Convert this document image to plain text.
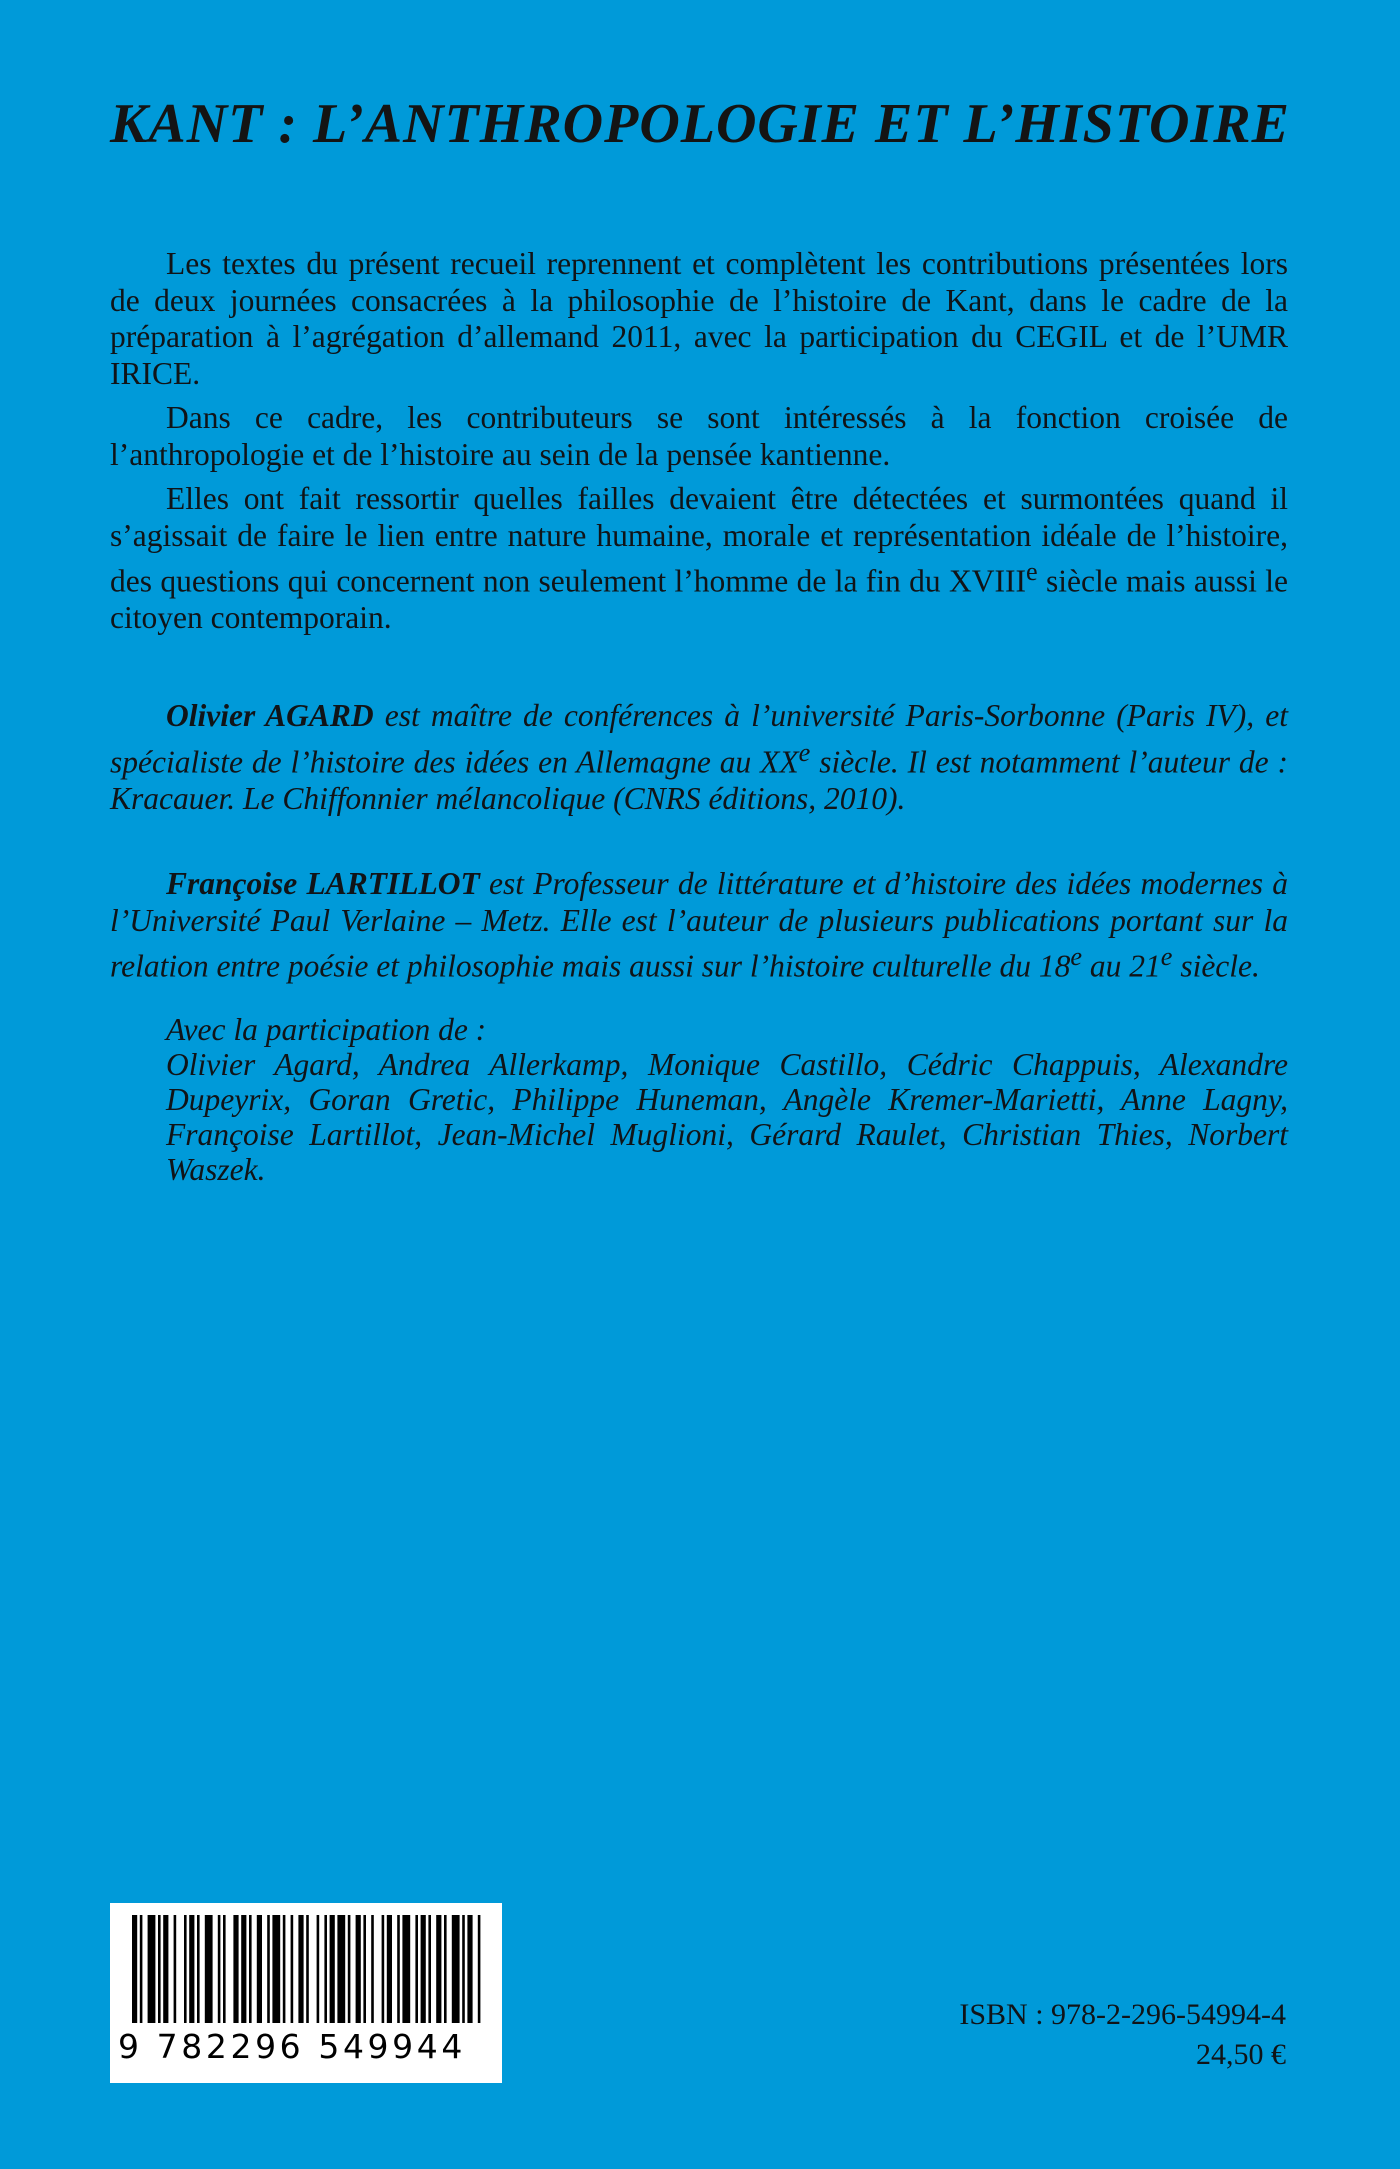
KANT : L’ANTHROPOLOGIE ET L’HISTOIRE

Les textes du présent recueil reprennent et complètent les contributions présentées lors de deux journées consacrées à la philosophie de l’histoire de Kant, dans le cadre de la préparation à l’agrégation d’allemand 2011, avec la participation du CEGIL et de l’UMR IRICE.

Dans ce cadre, les contributeurs se sont intéressés à la fonction croisée de l’anthropologie et de l’histoire au sein de la pensée kantienne.

Elles ont fait ressortir quelles failles devaient être détectées et surmontées quand il s’agissait de faire le lien entre nature humaine, morale et représentation idéale de l’histoire, des questions qui concernent non seulement l’homme de la fin du XVIIIe siècle mais aussi le citoyen contemporain.

Olivier AGARD est maître de conférences à l’université Paris-Sorbonne (Paris IV), et spécialiste de l’histoire des idées en Allemagne au XXe siècle. Il est notamment l’auteur de : Kracauer. Le Chiffonnier mélancolique (CNRS éditions, 2010).

Françoise LARTILLOT est Professeur de littérature et d’histoire des idées modernes à l’Université Paul Verlaine – Metz. Elle est l’auteur de plusieurs publications portant sur la relation entre poésie et philosophie mais aussi sur l’histoire culturelle du 18e au 21e siècle.

Avec la participation de :

Olivier Agard, Andrea Allerkamp, Monique Castillo, Cédric Chappuis, Alexandre Dupeyrix, Goran Gretic, Philippe Huneman, Angèle Kremer-Marietti, Anne Lagny, Françoise Lartillot, Jean-Michel Muglioni, Gérard Raulet, Christian Thies, Norbert Waszek.

9 782296 549944

ISBN : 978-2-296-54994-4

24,50 €
